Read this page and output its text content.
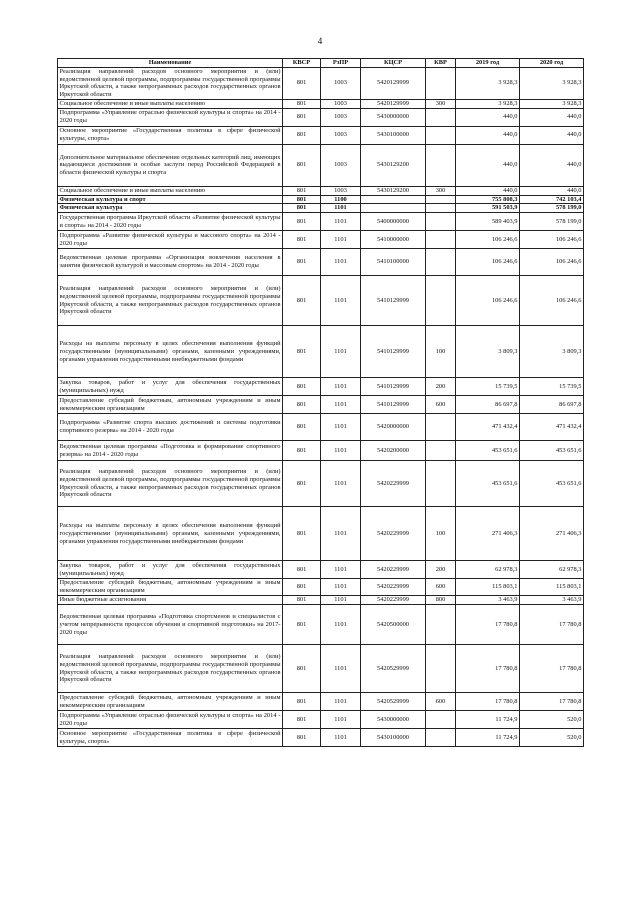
4
Наименование	КВСР	РзПР	КЦСР	КВР	2019 год	2020 год
Реализация направлений расходов основного мероприятия и (или) ведомственной целевой программы, подпрограммы государственной программы Иркутской области, а также непрограммных расходов государственных органов Иркутской области	801	1003	5420129999		3 928,3	3 928,3
Социальное обеспечение и иные выплаты населению	801	1003	5420129999	300	3 928,3	3 928,3
Подпрограмма «Управление отраслью физической культуры и спорта» на 2014 - 2020 годы	801	1003	5430000000		440,0	440,0
Основное мероприятие «Государственная политика в сфере физической культуры, спорта»	801	1003	5430100000		440,0	440,0
Дополнительное материальное обеспечение отдельных категорий лиц, имеющих выдающиеся достижения и особые заслуги перед Российской Федерацией в области физической культуры и спорта	801	1003	5430129200		440,0	440,0
Социальное обеспечение и иные выплаты населению	801	1003	5430129200	300	440,0	440,0
Физическая культура и спорт	801	1100			755 808,3	742 103,4
Физическая культура	801	1101			591 503,9	578 199,0
Государственная программа Иркутской области «Развитие физической культуры и спорта» на 2014 - 2020 годы	801	1101	5400000000		589 403,9	578 199,0
Подпрограмма «Развитие физической культуры и массового спорта» на 2014 - 2020 годы	801	1101	5410000000		106 246,6	106 246,6
Ведомственная целевая программа «Организация вовлечения населения в занятия физической культурой и массовым спортом» на 2014 - 2020 годы	801	1101	5410100000		106 246,6	106 246,6
Реализация направлений расходов основного мероприятия и (или) ведомственной целевой программы, подпрограммы государственной программы Иркутской области, а также непрограммных расходов государственных органов Иркутской области	801	1101	5410129999		106 246,6	106 246,6
Расходы на выплаты персоналу в целях обеспечения выполнения функций государственными (муниципальными) органами, казенными учреждениями, органами управления государственными внебюджетными фондами	801	1101	5410129999	100	3 809,3	3 809,3
Закупка товаров, работ и услуг для обеспечения государственных (муниципальных) нужд	801	1101	5410129999	200	15 739,5	15 739,5
Предоставление субсидий бюджетным, автономным учреждениям и иным некоммерческим организациям	801	1101	5410129999	600	86 697,8	86 697,8
Подпрограмма «Развитие спорта высших достижений и системы подготовки спортивного резерва» на 2014 - 2020 годы	801	1101	5420000000		471 432,4	471 432,4
Ведомственная целевая программа «Подготовка и формирование спортивного резерва» на 2014 - 2020 годы	801	1101	5420200000		453 651,6	453 651,6
Реализация направлений расходов основного мероприятия и (или) ведомственной целевой программы, подпрограммы государственной программы Иркутской области, а также непрограммных расходов государственных органов Иркутской области	801	1101	5420229999		453 651,6	453 651,6
Расходы на выплаты персоналу в целях обеспечения выполнения функций государственными (муниципальными) органами, казенными учреждениями, органами управления государственными внебюджетными фондами	801	1101	5420229999	100	271 406,3	271 406,3
Закупка товаров, работ и услуг для обеспечения государственных (муниципальных) нужд	801	1101	5420229999	200	62 978,3	62 978,3
Предоставление субсидий бюджетным, автономным учреждениям и иным некоммерческим организациям	801	1101	5420229999	600	115 803,1	115 803,1
Иные бюджетные ассигнования	801	1101	5420229999	800	3 463,9	3 463,9
Ведомственная целевая программа «Подготовка спортсменов и специалистов с учетом непрерывности процессов обучения и спортивной подготовки» на 2017-2020 годы	801	1101	5420500000		17 780,8	17 780,8
Реализация направлений расходов основного мероприятия и (или) ведомственной целевой программы, подпрограммы государственной программы Иркутской области, а также непрограммных расходов государственных органов Иркутской области	801	1101	5420529999		17 780,8	17 780,8
Предоставление субсидий бюджетным, автономным учреждениям и иным некоммерческим организациям	801	1101	5420529999	600	17 780,8	17 780,8
Подпрограмма «Управление отраслью физической культуры и спорта» на 2014 - 2020 годы	801	1101	5430000000		11 724,9	520,0
Основное мероприятие «Государственная политика в сфере физической культуры, спорта»	801	1101	5430100000		11 724,9	520,0
